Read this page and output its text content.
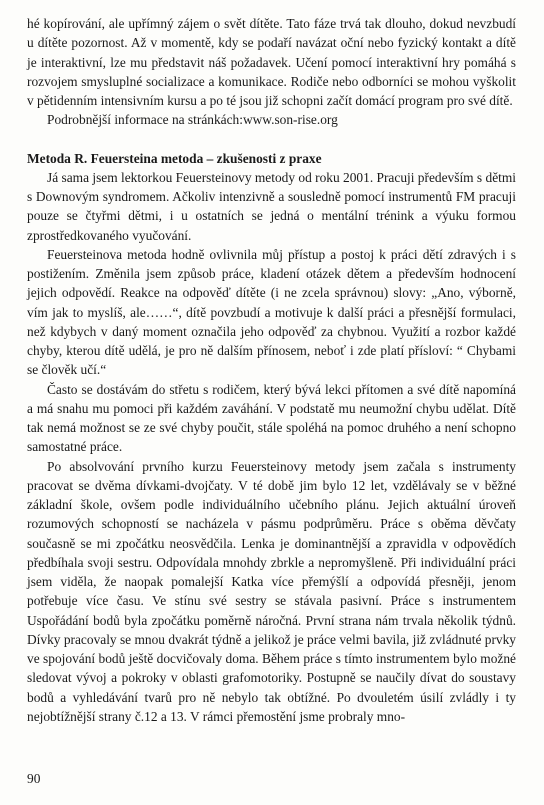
hé kopírování, ale upřímný zájem o svět dítěte. Tato fáze trvá tak dlouho, dokud nevzbudí u dítěte pozornost. Až v momentě, kdy se podaří navázat oční nebo fyzický kontakt a dítě je interaktivní, lze mu představit náš požadavek. Učení pomocí interaktivní hry pomáhá s rozvojem smysluplné socializace a komunikace. Rodiče nebo odborníci se mohou vyškolit v pětidenním intensivním kursu a po té jsou již schopni začít domácí program pro své dítě.

Podrobnější informace na stránkách:www.son-rise.org

Metoda R. Feuersteina metoda – zkušenosti z praxe

Já sama jsem lektorkou Feuersteinovy metody od roku 2001. Pracuji především s dětmi s Downovým syndromem. Ačkoliv intenzivně a sousledně pomocí instrumentů FM pracuji pouze se čtyřmi dětmi, i u ostatních se jedná o mentální trénink a výuku formou zprostředkovaného vyučování.

Feuersteinova metoda hodně ovlivnila můj přístup a postoj k práci dětí zdravých i s postižením. Změnila jsem způsob práce, kladení otázek dětem a především hodnocení jejich odpovědí. Reakce na odpověď dítěte (i ne zcela správnou) slovy: „Ano, výborně, vím jak to myslíš, ale……“, dítě povzbudí a motivuje k další práci a přesnější formulaci, než kdybych v daný moment označila jeho odpověď za chybnou. Využití a rozbor každé chyby, kterou dítě udělá, je pro ně dalším přínosem, neboť i zde platí přísloví: “ Chybami se člověk učí.“

Často se dostávám do střetu s rodičem, který bývá lekci přítomen a své dítě napomíná a má snahu mu pomoci při každém zaváhání. V podstatě mu neumožní chybu udělat. Dítě tak nemá možnost se ze své chyby poučit, stále spoléhá na pomoc druhého a není schopno samostatné práce.

Po absolvování prvního kurzu Feuersteinovy metody jsem začala s instrumenty pracovat se dvěma dívkami-dvojčaty. V té době jim bylo 12 let, vzdělávaly se v běžné základní škole, ovšem podle individuálního učebního plánu. Jejich aktuální úroveň rozumových schopností se nacházela v pásmu podprůměru. Práce s oběma děvčaty současně se mi zpočátku neosvědčila. Lenka je dominantnější a zpravidla v odpovědích předbíhala svoji sestru. Odpovídala mnohdy zbrkle a nepromyšleně. Při individuální práci jsem viděla, že naopak pomalejší Katka více přemýšlí a odpovídá přesněji, jenom potřebuje více času. Ve stínu své sestry se stávala pasivní. Práce s instrumentem Uspořádání bodů byla zpočátku poměrně náročná. První strana nám trvala několik týdnů. Dívky pracovaly se mnou dvakrát týdně a jelikož je práce velmi bavila, již zvládnuté prvky ve spojování bodů ještě docvičovaly doma. Během práce s tímto instrumentem bylo možné sledovat vývoj a pokroky v oblasti grafomotoriky. Postupně se naučily dívat do soustavy bodů a vyhledávání tvarů pro ně nebylo tak obtížné. Po dvouletém úsilí zvládly i ty nejobtížnější strany č.12 a 13. V rámci přemostění jsme probraly mno-

90
